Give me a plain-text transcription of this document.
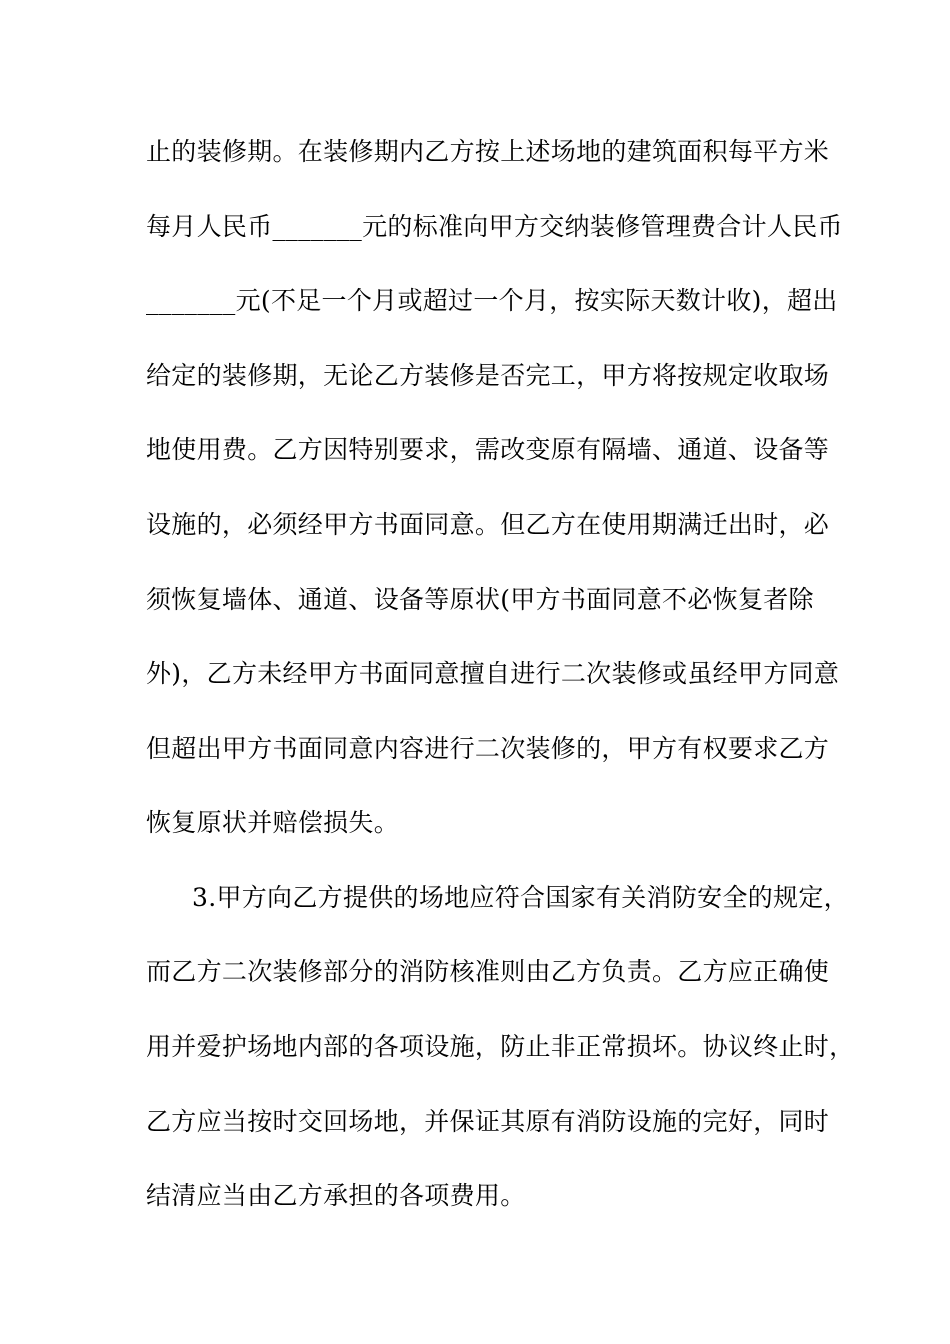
止的装修期。在装修期内乙方按上述场地的建筑面积每平方米
每月人民币_______元的标准向甲方交纳装修管理费合计人民币
_______元(不足一个月或超过一个月，按实际天数计收)，超出
给定的装修期，无论乙方装修是否完工，甲方将按规定收取场
地使用费。乙方因特别要求，需改变原有隔墙、通道、设备等
设施的，必须经甲方书面同意。但乙方在使用期满迁出时，必
须恢复墙体、通道、设备等原状(甲方书面同意不必恢复者除
外)，乙方未经甲方书面同意擅自进行二次装修或虽经甲方同意
但超出甲方书面同意内容进行二次装修的，甲方有权要求乙方
恢复原状并赔偿损失。
3.甲方向乙方提供的场地应符合国家有关消防安全的规定，
而乙方二次装修部分的消防核准则由乙方负责。乙方应正确使
用并爱护场地内部的各项设施，防止非正常损坏。协议终止时，
乙方应当按时交回场地，并保证其原有消防设施的完好，同时
结清应当由乙方承担的各项费用。
